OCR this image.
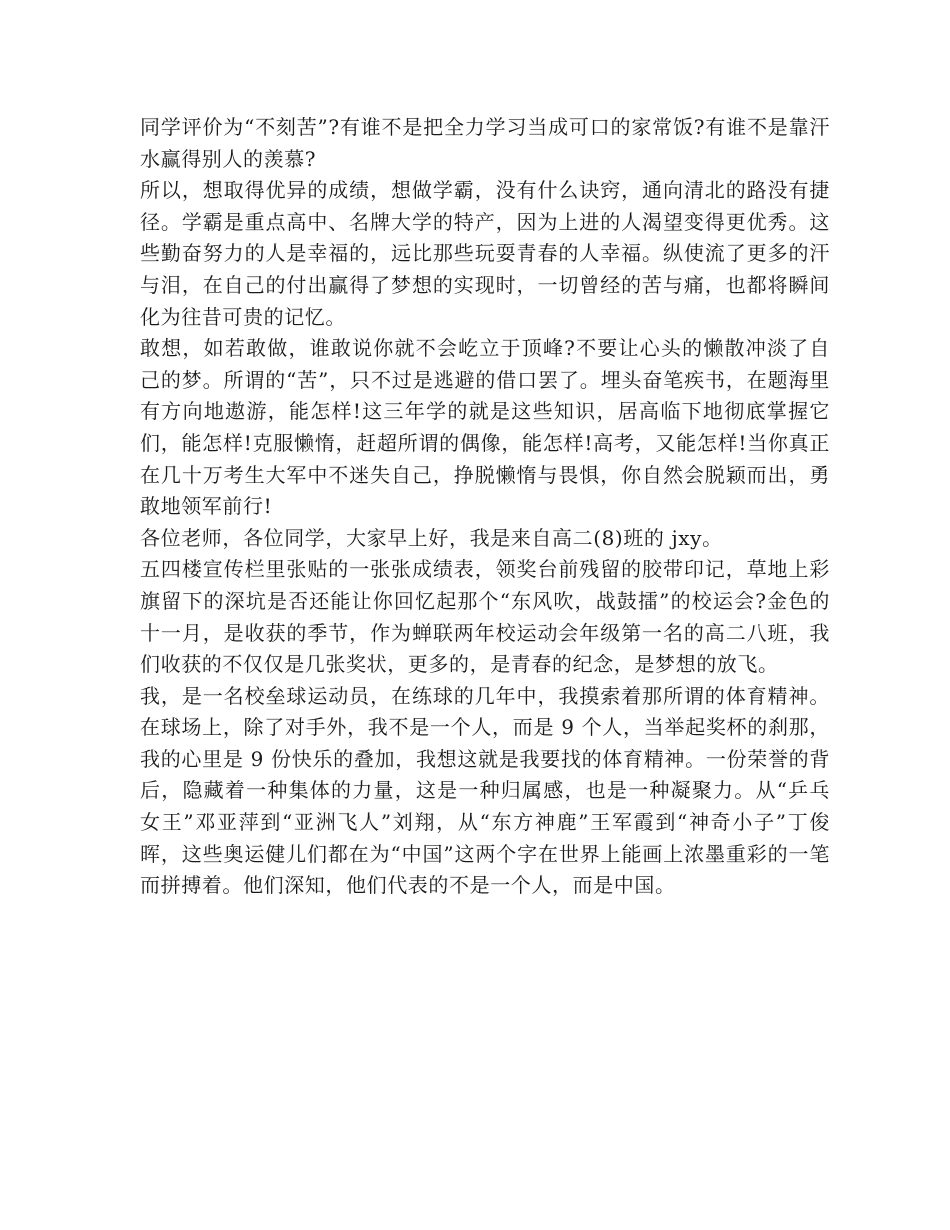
同学评价为“不刻苦”?有谁不是把全力学习当成可口的家常饭?有谁不是靠汗水赢得别人的羡慕?

所以，想取得优异的成绩，想做学霸，没有什么诀窍，通向清北的路没有捷径。学霸是重点高中、名牌大学的特产，因为上进的人渴望变得更优秀。这些勤奋努力的人是幸福的，远比那些玩耍青春的人幸福。纵使流了更多的汗与泪，在自己的付出赢得了梦想的实现时，一切曾经的苦与痛，也都将瞬间化为往昔可贵的记忆。

敢想，如若敢做，谁敢说你就不会屹立于顶峰?不要让心头的懒散冲淡了自己的梦。所谓的“苦”，只不过是逃避的借口罢了。埋头奋笔疾书，在题海里有方向地遨游，能怎样!这三年学的就是这些知识，居高临下地彻底掌握它们，能怎样!克服懒惰，赶超所谓的偶像，能怎样!高考，又能怎样!当你真正在几十万考生大军中不迷失自己，挣脱懒惰与畏惧，你自然会脱颖而出，勇敢地领军前行!

各位老师，各位同学，大家早上好，我是来自高二(8)班的 jxy。

五四楼宣传栏里张贴的一张张成绩表，领奖台前残留的胶带印记，草地上彩旗留下的深坑是否还能让你回忆起那个“东风吹，战鼓擂”的校运会?金色的十一月，是收获的季节，作为蝉联两年校运动会年级第一名的高二八班，我们收获的不仅仅是几张奖状，更多的，是青春的纪念，是梦想的放飞。

我，是一名校垒球运动员，在练球的几年中，我摸索着那所谓的体育精神。在球场上，除了对手外，我不是一个人，而是 9 个人，当举起奖杯的刹那，我的心里是 9 份快乐的叠加，我想这就是我要找的体育精神。一份荣誉的背后，隐藏着一种集体的力量，这是一种归属感，也是一种凝聚力。从“乒乓女王”邓亚萍到“亚洲飞人”刘翔，从“东方神鹿”王军霞到“神奇小子”丁俊晖，这些奥运健儿们都在为“中国”这两个字在世界上能画上浓墨重彩的一笔而拼搏着。他们深知，他们代表的不是一个人，而是中国。
